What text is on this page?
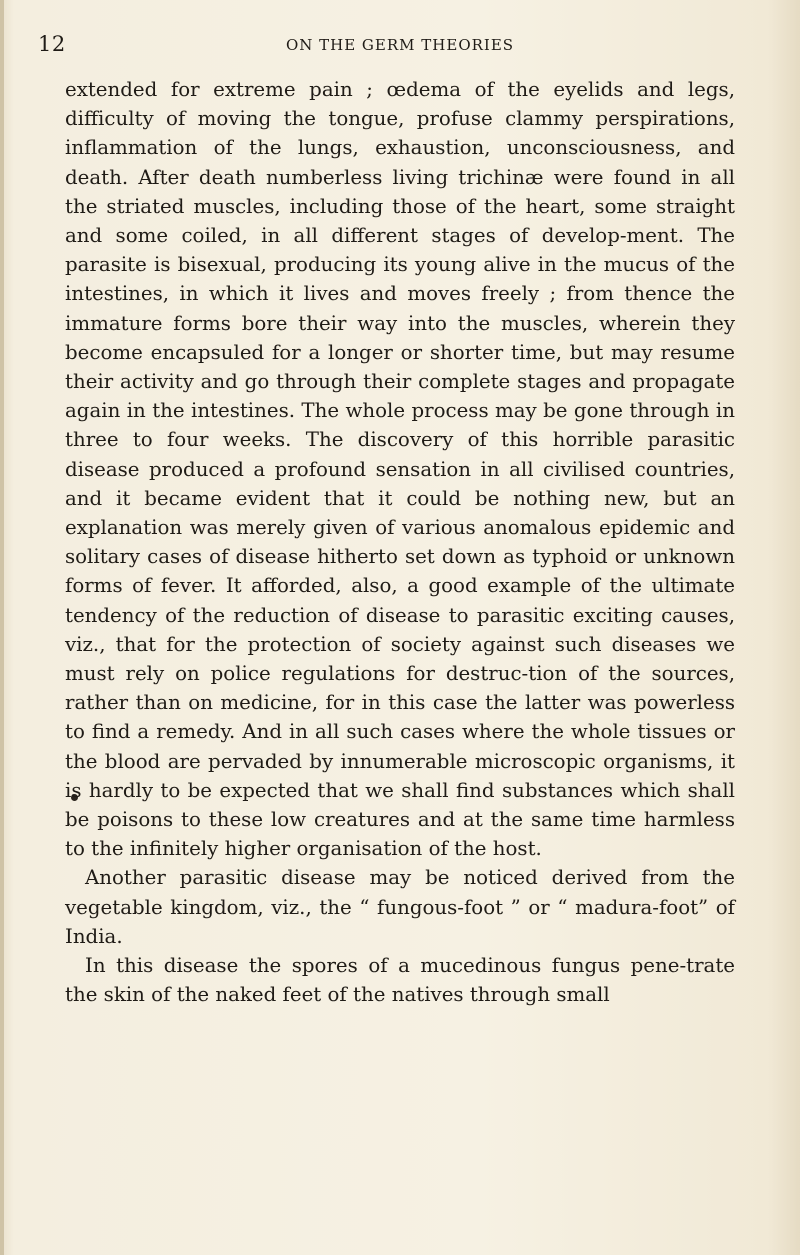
12	ON THE GERM THEORIES

extended for extreme pain ; œdema of the eyelids and legs, difficulty of moving the tongue, profuse clammy perspirations, inflammation of the lungs, exhaustion, unconsciousness, and death. After death numberless living trichinæ were found in all the striated muscles, including those of the heart, some straight and some coiled, in all different stages of develop-ment. The parasite is bisexual, producing its young alive in the mucus of the intestines, in which it lives and moves freely ; from thence the immature forms bore their way into the muscles, wherein they become encapsuled for a longer or shorter time, but may resume their activity and go through their complete stages and propagate again in the intestines. The whole process may be gone through in three to four weeks. The discovery of this horrible parasitic disease produced a profound sensation in all civilised countries, and it became evident that it could be nothing new, but an explanation was merely given of various anomalous epidemic and solitary cases of disease hitherto set down as typhoid or unknown forms of fever. It afforded, also, a good example of the ultimate tendency of the reduction of disease to parasitic exciting causes, viz., that for the protection of society against such diseases we must rely on police regulations for destruc-tion of the sources, rather than on medicine, for in this case the latter was powerless to find a remedy. And in all such cases where the whole tissues or the blood are pervaded by innumerable microscopic organisms, it is hardly to be expected that we shall find substances which shall be poisons to these low creatures and at the same time harmless to the infinitely higher organisation of the host.

Another parasitic disease may be noticed derived from the vegetable kingdom, viz., the “ fungous-foot ” or “ madura-foot” of India.

In this disease the spores of a mucedinous fungus pene-trate the skin of the naked feet of the natives through small
